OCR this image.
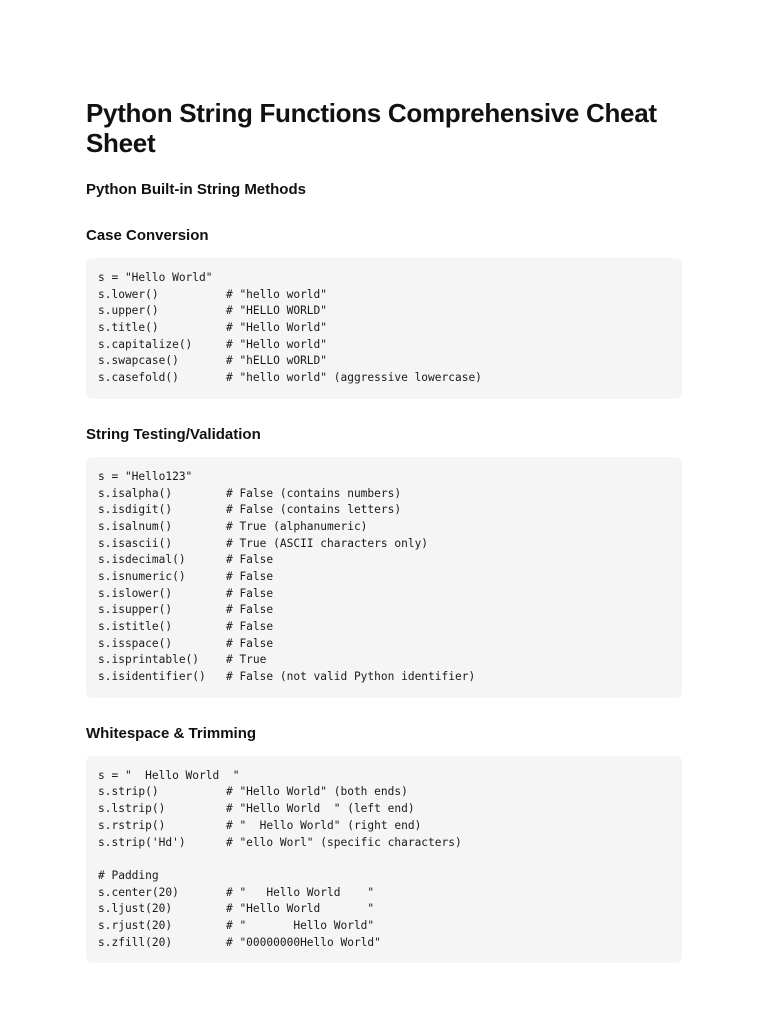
Python String Functions Comprehensive Cheat Sheet
Python Built-in String Methods
Case Conversion
s = "Hello World"
s.lower()          # "hello world"
s.upper()          # "HELLO WORLD"
s.title()          # "Hello World"
s.capitalize()     # "Hello world"
s.swapcase()       # "hELLO wORLD"
s.casefold()       # "hello world" (aggressive lowercase)
String Testing/Validation
s = "Hello123"
s.isalpha()        # False (contains numbers)
s.isdigit()        # False (contains letters)
s.isalnum()        # True (alphanumeric)
s.isascii()        # True (ASCII characters only)
s.isdecimal()      # False
s.isnumeric()      # False
s.islower()        # False
s.isupper()        # False
s.istitle()        # False
s.isspace()        # False
s.isprintable()    # True
s.isidentifier()   # False (not valid Python identifier)
Whitespace & Trimming
s = "  Hello World  "
s.strip()          # "Hello World" (both ends)
s.lstrip()         # "Hello World  " (left end)
s.rstrip()         # "  Hello World" (right end)
s.strip('Hd')      # "ello Worl" (specific characters)
# Padding
s.center(20)       # "   Hello World    "
s.ljust(20)        # "Hello World       "
s.rjust(20)        # "       Hello World"
s.zfill(20)        # "00000000Hello World"
